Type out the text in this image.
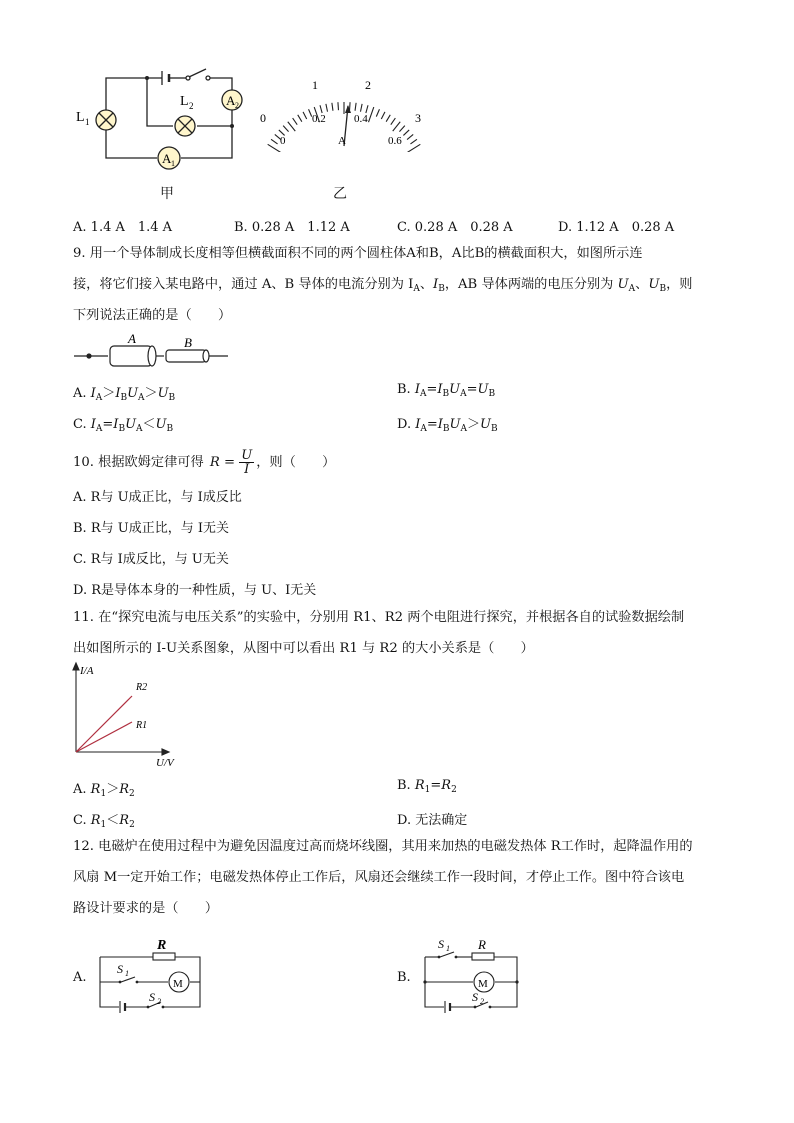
A 2
A 1
L 1
L 2
甲
0
1	2
3
0
0.2	0.4
0.6
A
乙
A. 1.4 A　1.4 A	B. 0.28 A　1.12 A	C. 0.28 A　0.28 A	D. 1.12 A　0.28 A
9. 用一个导体制成长度相等但横截面积不同的两个圆柱体A和B，A比B的横截面积大，如图所示连
接，将它们接入某电路中，通过 A、B 导体的电流分别为 $I_A$、$I_B$，AB 导体两端的电压分别为 $U_A$、$U_B$，则
下列说法正确的是（　　）
A	B
A. $I_A>I_BU_A>U_B$
B. $I_A=I_BU_A=U_B$
C. $I_A=I_BU_A<U_B$	D. $I_A=I_BU_A>U_B$
10. 根据欧姆定律可得 $R = \frac{U}{I}$ ，则（　　）
A. R与 U成正比，与 I成反比
B. R与 U成正比，与 I无关
C. R与 I成反比，与 U无关
D. R是导体本身的一种性质，与 U、I无关
11. 在“探究电流与电压关系”的实验中，分别用 R1、R2 两个电阻进行探究，并根据各自的试验数据绘制
出如图所示的 I-U关系图象，从图中可以看出 R1 与 R2 的大小关系是（　　）
I/A
U/V
R2
R1
A. $R_1>R_2$
B. $R_1=R_2$
C. $R_1<R_2$	D. 无法确定
12. 电磁炉在使用过程中为避免因温度过高而烧坏线圈，其用来加热的电磁发热体 R工作时，起降温作用的
风扇 M一定开始工作；电磁发热体停止工作后，风扇还会继续工作一段时间，才停止工作。图中符合该电
路设计要求的是（　　）
A.	M
R
S 1
S 2
B.	M
R
S 1
S 2
